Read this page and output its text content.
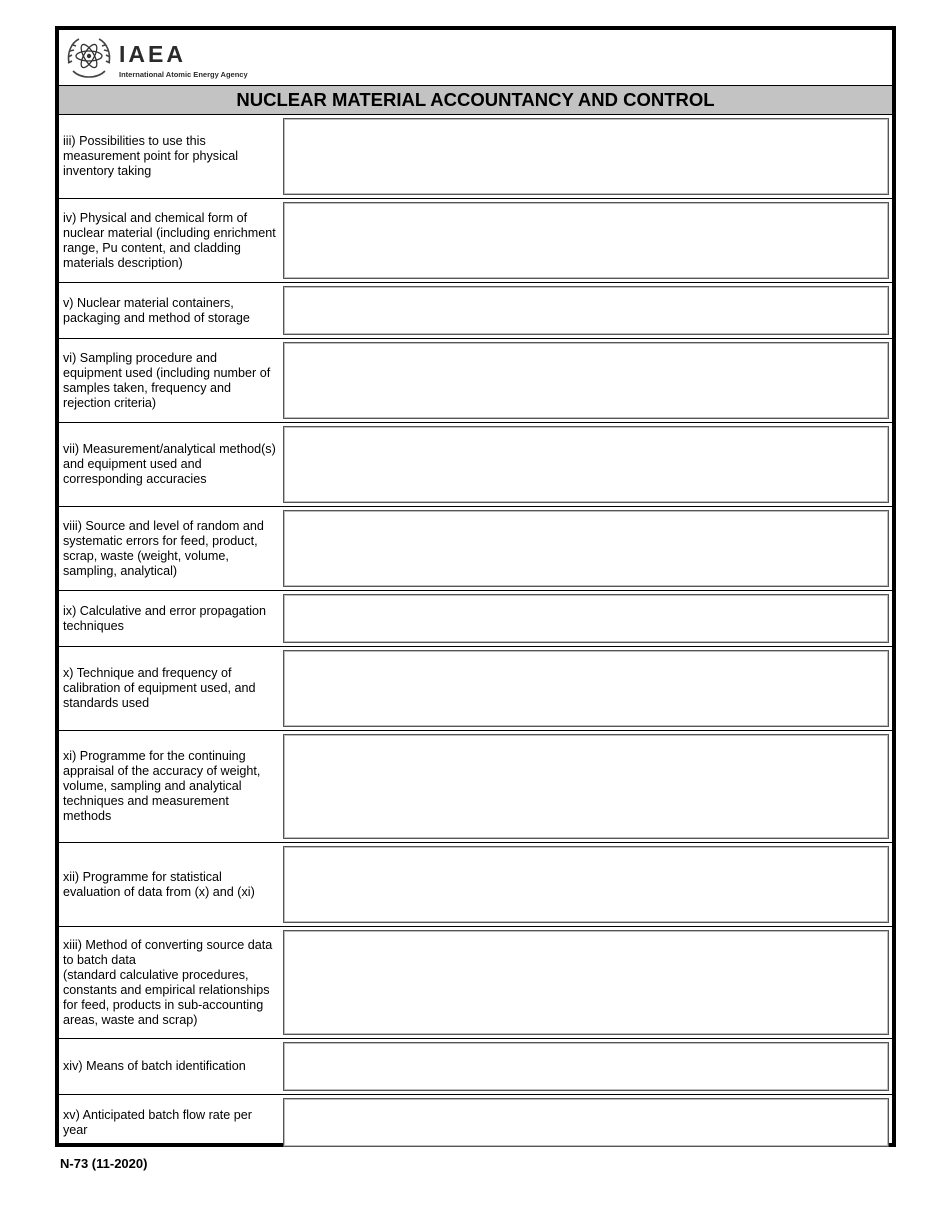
IAEA
International Atomic Energy Agency
NUCLEAR MATERIAL ACCOUNTANCY AND CONTROL
iii) Possibilities to use this
measurement point for physical
inventory taking
iv) Physical and chemical form of
nuclear material (including enrichment
range, Pu content, and cladding
materials description)
v) Nuclear material containers,
packaging and method of storage
vi) Sampling procedure and
equipment used (including number of
samples taken, frequency and
rejection criteria)
vii) Measurement/analytical method(s)
and equipment used and
corresponding accuracies
viii) Source and level of random and
systematic errors for feed, product,
scrap, waste (weight, volume,
sampling, analytical)
ix) Calculative and error propagation
techniques
x) Technique and frequency of
calibration of equipment used, and
standards used
xi) Programme for the continuing
appraisal of the accuracy of weight,
volume, sampling and analytical
techniques and measurement methods
xii) Programme for statistical
evaluation of data from (x) and (xi)
xiii) Method of converting source data
to batch data
(standard calculative procedures,
constants and empirical relationships
for feed, products in sub-accounting
areas, waste and scrap)
xiv) Means of batch identification
xv) Anticipated batch flow rate per
year
N-73 (11-2020)
